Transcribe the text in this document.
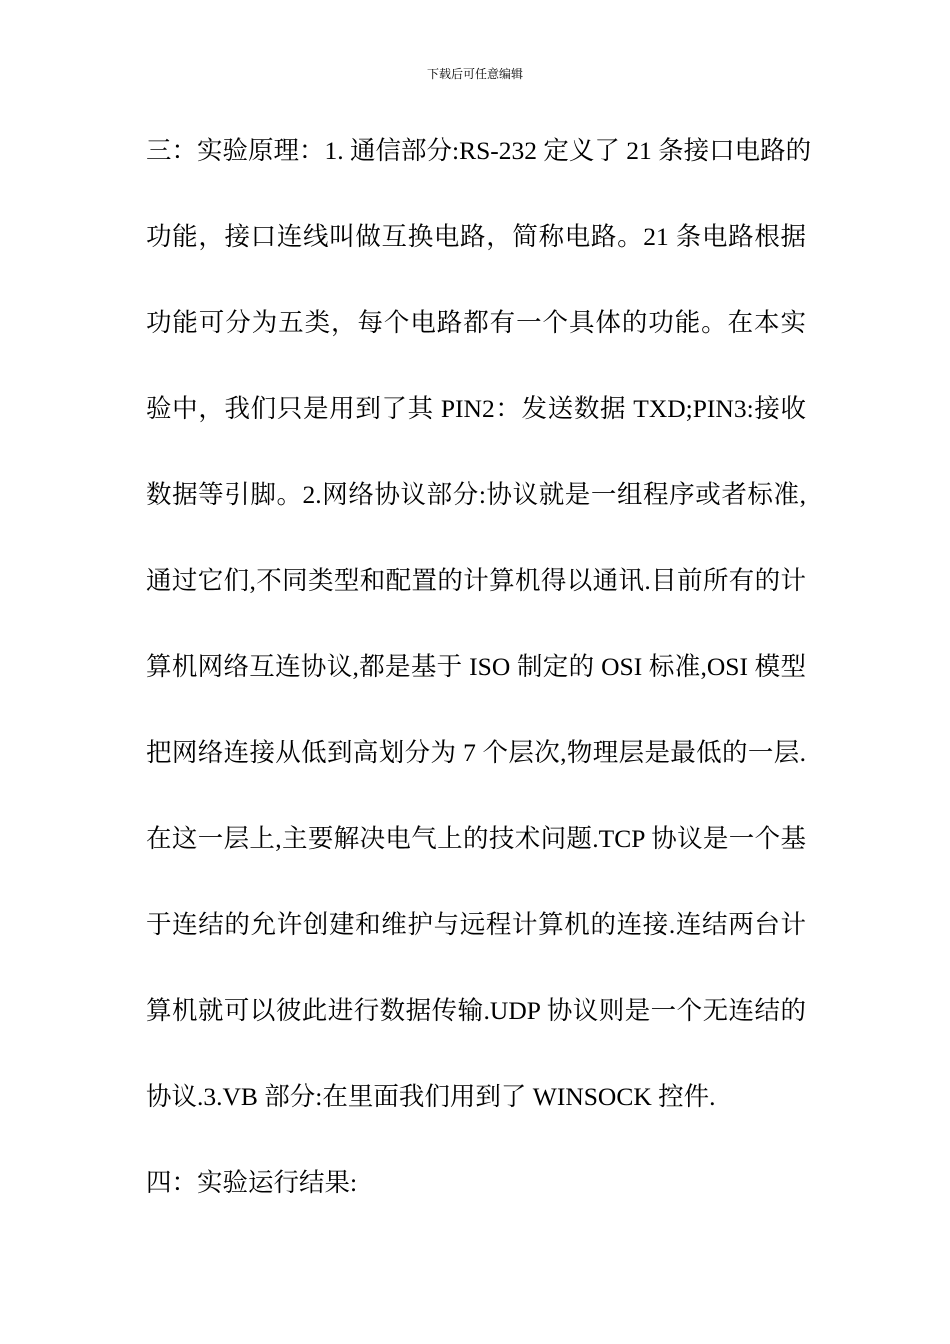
下载后可任意编辑
三：实验原理：1. 通信部分:RS-232 定义了 21 条接口电路的
功能，接口连线叫做互换电路，简称电路。21 条电路根据
功能可分为五类，每个电路都有一个具体的功能。在本实
验中，我们只是用到了其 PIN2：发送数据 TXD;PIN3:接收
数据等引脚。2.网络协议部分:协议就是一组程序或者标准,
通过它们,不同类型和配置的计算机得以通讯.目前所有的计
算机网络互连协议,都是基于 ISO 制定的 OSI 标准,OSI 模型
把网络连接从低到高划分为 7 个层次,物理层是最低的一层.
在这一层上,主要解决电气上的技术问题.TCP 协议是一个基
于连结的允许创建和维护与远程计算机的连接.连结两台计
算机就可以彼此进行数据传输.UDP 协议则是一个无连结的
协议.3.VB 部分:在里面我们用到了 WINSOCK 控件.
四：实验运行结果:
